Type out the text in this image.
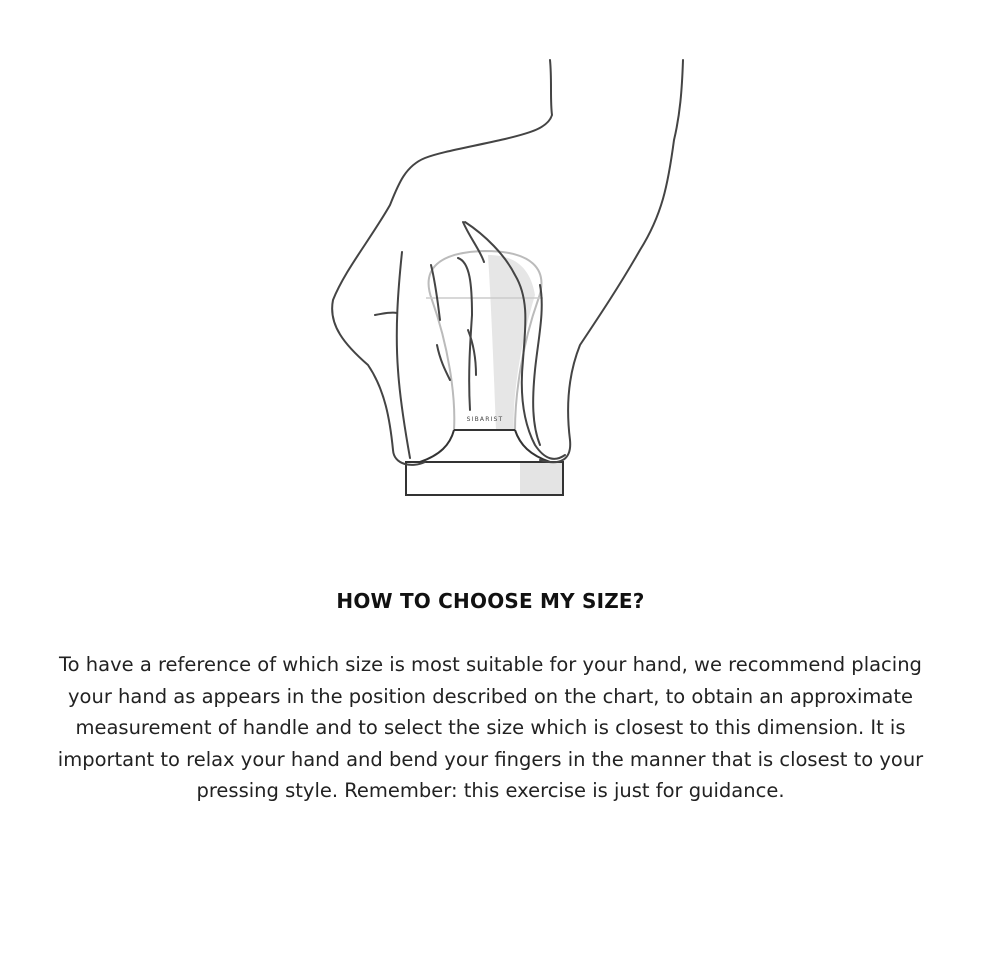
SIBARIST
HOW TO CHOOSE MY SIZE?

To have a reference of which size is most suitable for your hand, we recommend placing your hand as appears in the position described on the chart, to obtain an approximate measurement of handle and to select the size which is closest to this dimension. It is important to relax your hand and bend your fingers in the manner that is closest to your pressing style. Remember: this exercise is just for guidance.
